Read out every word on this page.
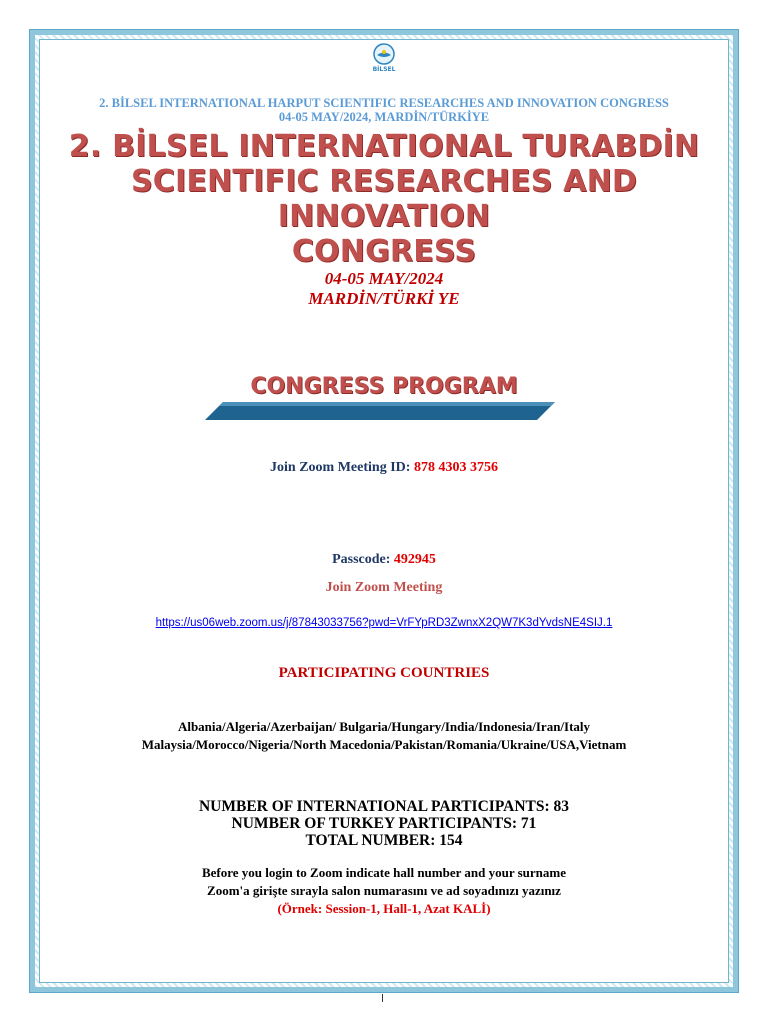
BİLSEL
2. BİLSEL INTERNATIONAL HARPUT SCIENTIFIC RESEARCHES AND INNOVATION CONGRESS
04-05 MAY/2024, MARDİN/TÜRKİYE
2. BİLSEL INTERNATIONAL TURABDİN
SCIENTIFIC RESEARCHES AND
INNOVATION
CONGRESS
04-05 MAY/2024
MARDİN/TÜRKİ YE
CONGRESS PROGRAM
Join Zoom Meeting ID: 878 4303 3756
Passcode: 492945
Join Zoom Meeting
https://us06web.zoom.us/j/87843033756?pwd=VrFYpRD3ZwnxX2QW7K3dYvdsNE4SIJ.1
PARTICIPATING COUNTRIES
Albania/Algeria/Azerbaijan/ Bulgaria/Hungary/India/Indonesia/Iran/Italy
Malaysia/Morocco/Nigeria/North Macedonia/Pakistan/Romania/Ukraine/USA,Vietnam
NUMBER OF INTERNATIONAL PARTICIPANTS: 83
NUMBER OF TURKEY PARTICIPANTS: 71
TOTAL NUMBER: 154
Before you login to Zoom indicate hall number and your surname
Zoom'a girişte sırayla salon numarasını ve ad soyadınızı yazınız
(Örnek: Session-1, Hall-1, Azat KALİ)
